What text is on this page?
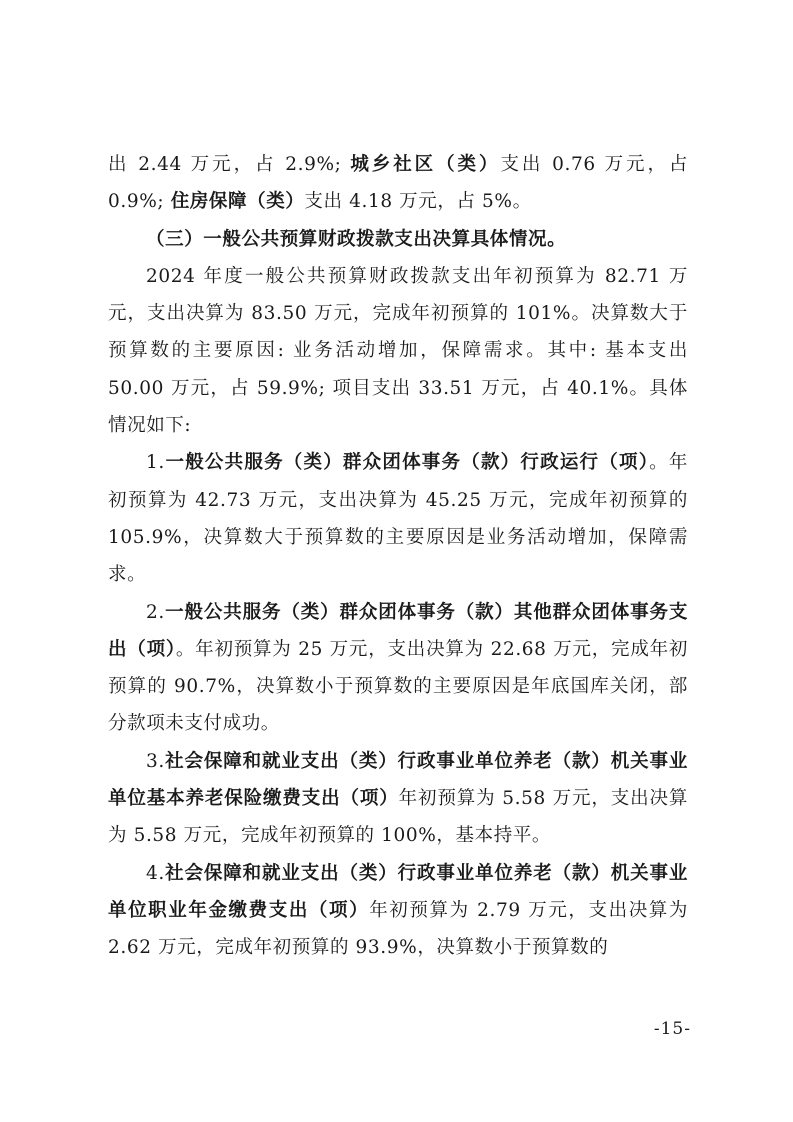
出 2.44 万元，占 2.9%; 城乡社区（类）支出 0.76 万元，占 0.9%; 住房保障（类）支出 4.18 万元，占 5%。

（三）一般公共预算财政拨款支出决算具体情况。

2024 年度一般公共预算财政拨款支出年初预算为 82.71 万元，支出决算为 83.50 万元，完成年初预算的 101%。决算数大于预算数的主要原因: 业务活动增加，保障需求。其中: 基本支出 50.00 万元，占 59.9%; 项目支出 33.51 万元，占 40.1%。具体情况如下:

1.一般公共服务（类）群众团体事务（款）行政运行（项）。年初预算为 42.73 万元，支出决算为 45.25 万元，完成年初预算的 105.9%，决算数大于预算数的主要原因是业务活动增加，保障需求。

2.一般公共服务（类）群众团体事务（款）其他群众团体事务支出（项）。年初预算为 25 万元，支出决算为 22.68 万元，完成年初预算的 90.7%，决算数小于预算数的主要原因是年底国库关闭，部分款项未支付成功。

3.社会保障和就业支出（类）行政事业单位养老（款）机关事业单位基本养老保险缴费支出（项）年初预算为 5.58 万元，支出决算为 5.58 万元，完成年初预算的 100%，基本持平。

4.社会保障和就业支出（类）行政事业单位养老（款）机关事业单位职业年金缴费支出（项）年初预算为 2.79 万元，支出决算为 2.62 万元，完成年初预算的 93.9%，决算数小于预算数的

-15-
